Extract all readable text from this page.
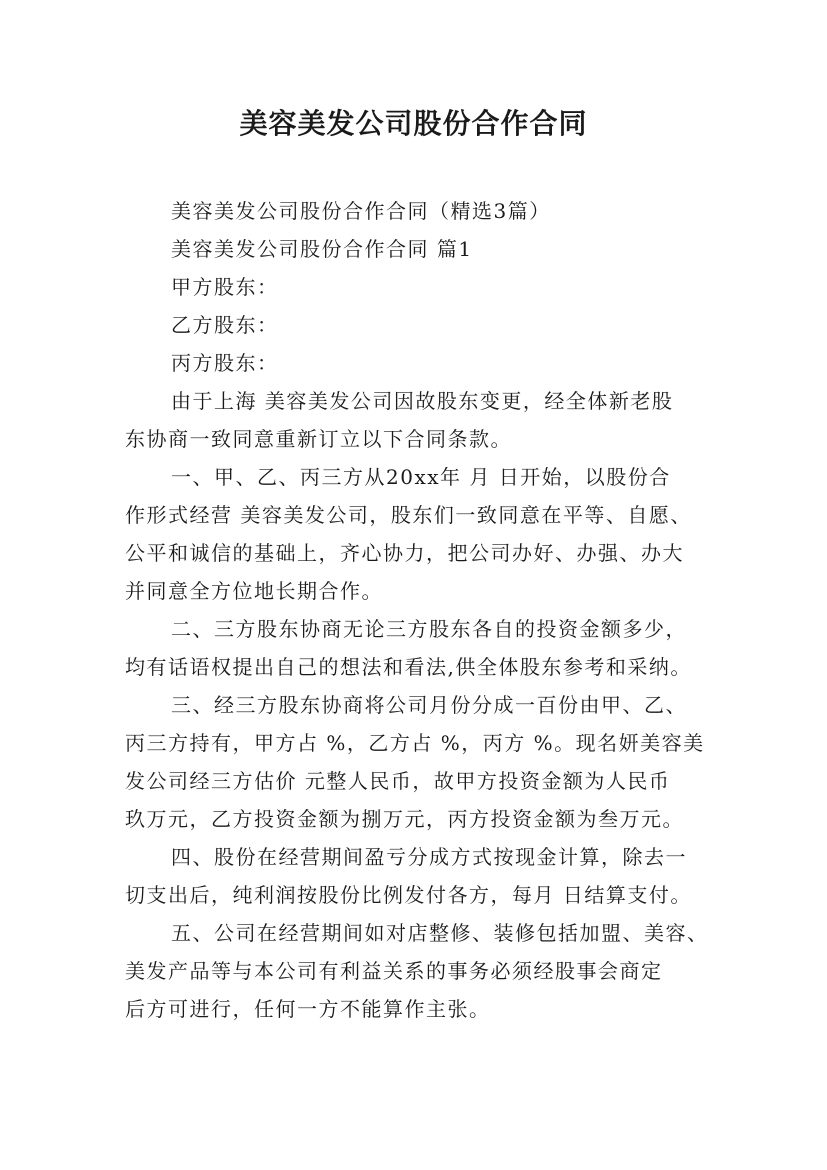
美容美发公司股份合作合同

美容美发公司股份合作合同（精选3篇）

美容美发公司股份合作合同 篇1

甲方股东：

乙方股东：

丙方股东：

由于上海 美容美发公司因故股东变更，经全体新老股

东协商一致同意重新订立以下合同条款。

一、甲、乙、丙三方从20xx年 月 日开始，以股份合

作形式经营 美容美发公司，股东们一致同意在平等、自愿、

公平和诚信的基础上，齐心协力，把公司办好、办强、办大

并同意全方位地长期合作。

二、三方股东协商无论三方股东各自的投资金额多少，

均有话语权提出自己的想法和看法,供全体股东参考和采纳。

三、经三方股东协商将公司月份分成一百份由甲、乙、

丙三方持有，甲方占 %，乙方占 %，丙方 %。现名妍美容美

发公司经三方估价 元整人民币，故甲方投资金额为人民币

玖万元，乙方投资金额为捌万元，丙方投资金额为叁万元。

四、股份在经营期间盈亏分成方式按现金计算，除去一

切支出后，纯利润按股份比例发付各方，每月 日结算支付。

五、公司在经营期间如对店整修、装修包括加盟、美容、

美发产品等与本公司有利益关系的事务必须经股事会商定

后方可进行，任何一方不能算作主张。
